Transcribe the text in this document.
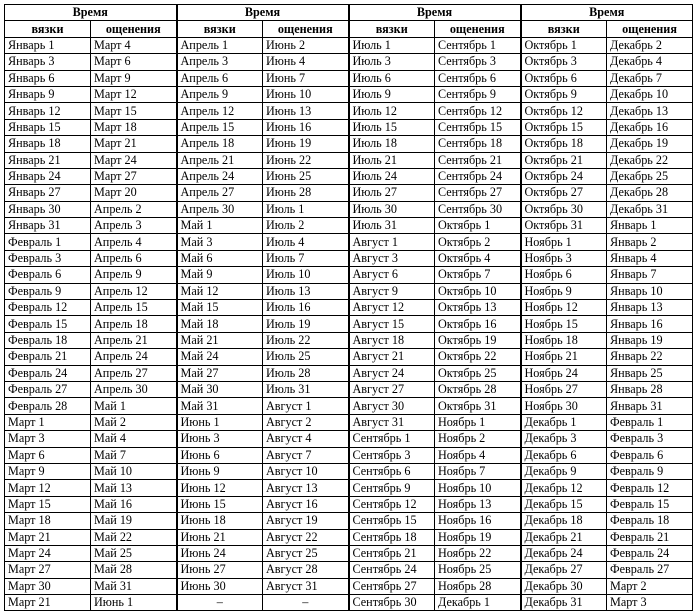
Время		Время		Время		Время	
вязки	ощенения	вязки	ощенения	вязки	ощенения	вязки	ощенения
Январь 1	Март 4	Апрель 1	Июнь 2	Июль 1	Сентябрь 1	Октябрь 1	Декабрь 2
Январь 3	Март 6	Апрель 3	Июнь 4	Июль 3	Сентябрь 3	Октябрь 3	Декабрь 4
Январь 6	Март 9	Апрель 6	Июнь 7	Июль 6	Сентябрь 6	Октябрь 6	Декабрь 7
Январь 9	Март 12	Апрель 9	Июнь 10	Июль 9	Сентябрь 9	Октябрь 9	Декабрь 10
Январь 12	Март 15	Апрель 12	Июнь 13	Июль 12	Сентябрь 12	Октябрь 12	Декабрь 13
Январь 15	Март 18	Апрель 15	Июнь 16	Июль 15	Сентябрь 15	Октябрь 15	Декабрь 16
Январь 18	Март 21	Апрель 18	Июнь 19	Июль 18	Сентябрь 18	Октябрь 18	Декабрь 19
Январь 21	Март 24	Апрель 21	Июнь 22	Июль 21	Сентябрь 21	Октябрь 21	Декабрь 22
Январь 24	Март 27	Апрель 24	Июнь 25	Июль 24	Сентябрь 24	Октябрь 24	Декабрь 25
Январь 27	Март 20	Апрель 27	Июнь 28	Июль 27	Сентябрь 27	Октябрь 27	Декабрь 28
Январь 30	Апрель 2	Апрель 30	Июль 1	Июль 30	Сентябрь 30	Октябрь 30	Декабрь 31
Январь 31	Апрель 3	Май 1	Июль 2	Июль 31	Октябрь 1	Октябрь 31	Январь 1
Февраль 1	Апрель 4	Май 3	Июль 4	Август 1	Октябрь 2	Ноябрь 1	Январь 2
Февраль 3	Апрель 6	Май 6	Июль 7	Август 3	Октябрь 4	Ноябрь 3	Январь 4
Февраль 6	Апрель 9	Май 9	Июль 10	Август 6	Октябрь 7	Ноябрь 6	Январь 7
Февраль 9	Апрель 12	Май 12	Июль 13	Август 9	Октябрь 10	Ноябрь 9	Январь 10
Февраль 12	Апрель 15	Май 15	Июль 16	Август 12	Октябрь 13	Ноябрь 12	Январь 13
Февраль 15	Апрель 18	Май 18	Июль 19	Август 15	Октябрь 16	Ноябрь 15	Январь 16
Февраль 18	Апрель 21	Май 21	Июль 22	Август 18	Октябрь 19	Ноябрь 18	Январь 19
Февраль 21	Апрель 24	Май 24	Июль 25	Август 21	Октябрь 22	Ноябрь 21	Январь 22
Февраль 24	Апрель 27	Май 27	Июль 28	Август 24	Октябрь 25	Ноябрь 24	Январь 25
Февраль 27	Апрель 30	Май 30	Июль 31	Август 27	Октябрь 28	Ноябрь 27	Январь 28
Февраль 28	Май 1	Май 31	Август 1	Август 30	Октябрь 31	Ноябрь 30	Январь 31
Март 1	Май 2	Июнь 1	Август 2	Август 31	Ноябрь 1	Декабрь 1	Февраль 1
Март 3	Май 4	Июнь 3	Август 4	Сентябрь 1	Ноябрь 2	Декабрь 3	Февраль 3
Март 6	Май 7	Июнь 6	Август 7	Сентябрь 3	Ноябрь 4	Декабрь 6	Февраль 6
Март 9	Май 10	Июнь 9	Август 10	Сентябрь 6	Ноябрь 7	Декабрь 9	Февраль 9
Март 12	Май 13	Июнь 12	Август 13	Сентябрь 9	Ноябрь 10	Декабрь 12	Февраль 12
Март 15	Май 16	Июнь 15	Август 16	Сентябрь 12	Ноябрь 13	Декабрь 15	Февраль 15
Март 18	Май 19	Июнь 18	Август 19	Сентябрь 15	Ноябрь 16	Декабрь 18	Февраль 18
Март 21	Май 22	Июнь 21	Август 22	Сентябрь 18	Ноябрь 19	Декабрь 21	Февраль 21
Март 24	Май 25	Июнь 24	Август 25	Сентябрь 21	Ноябрь 22	Декабрь 24	Февраль 24
Март 27	Май 28	Июнь 27	Август 28	Сентябрь 24	Ноябрь 25	Декабрь 27	Февраль 27
Март 30	Май 31	Июнь 30	Август 31	Сентябрь 27	Ноябрь 28	Декабрь 30	Март 2
Март 21	Июнь 1	–	–	Сентябрь 30	Декабрь 1	Декабрь 31	Март 3
